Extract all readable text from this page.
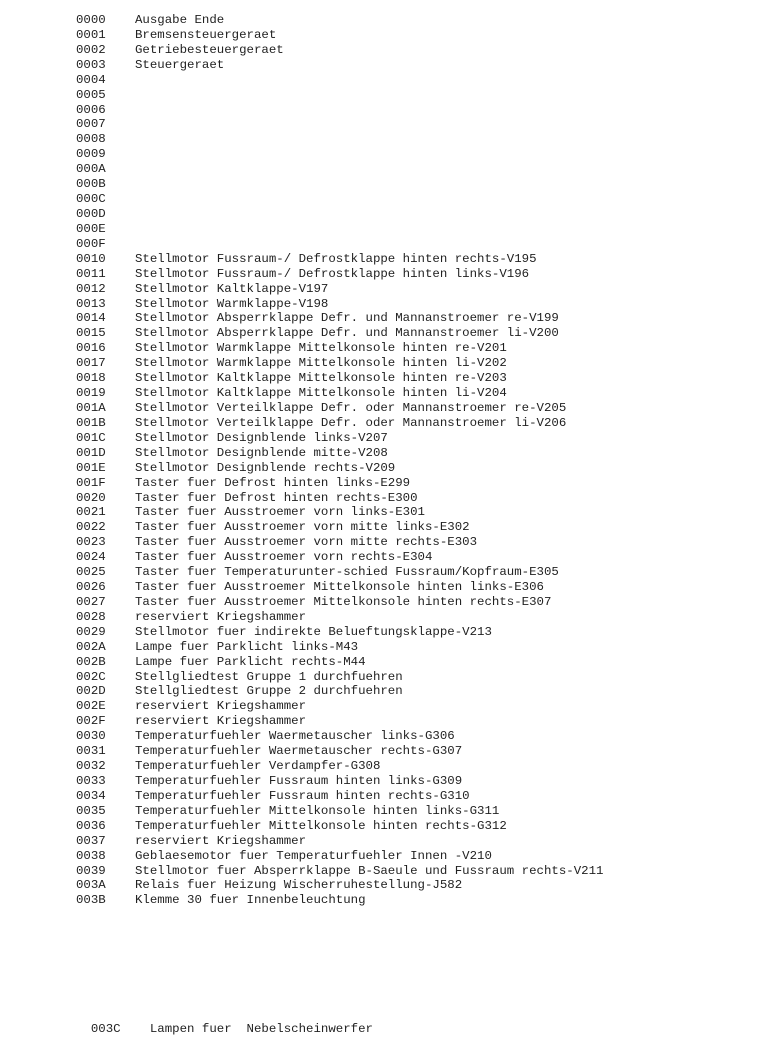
0000 Ausgabe Ende
0001 Bremsensteuergeraet
0002 Getriebesteuergeraet
0003 Steuergeraet
0004
0005
0006
0007
0008
0009
000A
000B
000C
000D
000E
000F
0010 Stellmotor Fussraum-/ Defrostklappe hinten rechts-V195
0011 Stellmotor Fussraum-/ Defrostklappe hinten links-V196
0012 Stellmotor Kaltklappe-V197
0013 Stellmotor Warmklappe-V198
0014 Stellmotor Absperrklappe Defr. und Mannanstroemer re-V199
0015 Stellmotor Absperrklappe Defr. und Mannanstroemer li-V200
0016 Stellmotor Warmklappe Mittelkonsole hinten re-V201
0017 Stellmotor Warmklappe Mittelkonsole hinten li-V202
0018 Stellmotor Kaltklappe Mittelkonsole hinten re-V203
0019 Stellmotor Kaltklappe Mittelkonsole hinten li-V204
001A Stellmotor Verteilklappe Defr. oder Mannanstroemer re-V205
001B Stellmotor Verteilklappe Defr. oder Mannanstroemer li-V206
001C Stellmotor Designblende links-V207
001D Stellmotor Designblende mitte-V208
001E Stellmotor Designblende rechts-V209
001F Taster fuer Defrost hinten links-E299
0020 Taster fuer Defrost hinten rechts-E300
0021 Taster fuer Ausstroemer vorn links-E301
0022 Taster fuer Ausstroemer vorn mitte links-E302
0023 Taster fuer Ausstroemer vorn mitte rechts-E303
0024 Taster fuer Ausstroemer vorn rechts-E304
0025 Taster fuer Temperaturunter-schied Fussraum/Kopfraum-E305
0026 Taster fuer Ausstroemer Mittelkonsole hinten links-E306
0027 Taster fuer Ausstroemer Mittelkonsole hinten rechts-E307
0028 reserviert Kriegshammer
0029 Stellmotor fuer indirekte Belueftungsklappe-V213
002A Lampe fuer Parklicht links-M43
002B Lampe fuer Parklicht rechts-M44
002C Stellgliedtest Gruppe 1 durchfuehren
002D Stellgliedtest Gruppe 2 durchfuehren
002E reserviert Kriegshammer
002F reserviert Kriegshammer
0030 Temperaturfuehler Waermetauscher links-G306
0031 Temperaturfuehler Waermetauscher rechts-G307
0032 Temperaturfuehler Verdampfer-G308
0033 Temperaturfuehler Fussraum hinten links-G309
0034 Temperaturfuehler Fussraum hinten rechts-G310
0035 Temperaturfuehler Mittelkonsole hinten links-G311
0036 Temperaturfuehler Mittelkonsole hinten rechts-G312
0037 reserviert Kriegshammer
0038 Geblaesemotor fuer Temperaturfuehler Innen -V210
0039 Stellmotor fuer Absperrklappe B-Saeule und Fussraum rechts-V211
003A Relais fuer Heizung Wischerruhestellung-J582
003B Klemme 30 fuer Innenbeleuchtung

003C Lampen fuer  Nebelscheinwerfer
